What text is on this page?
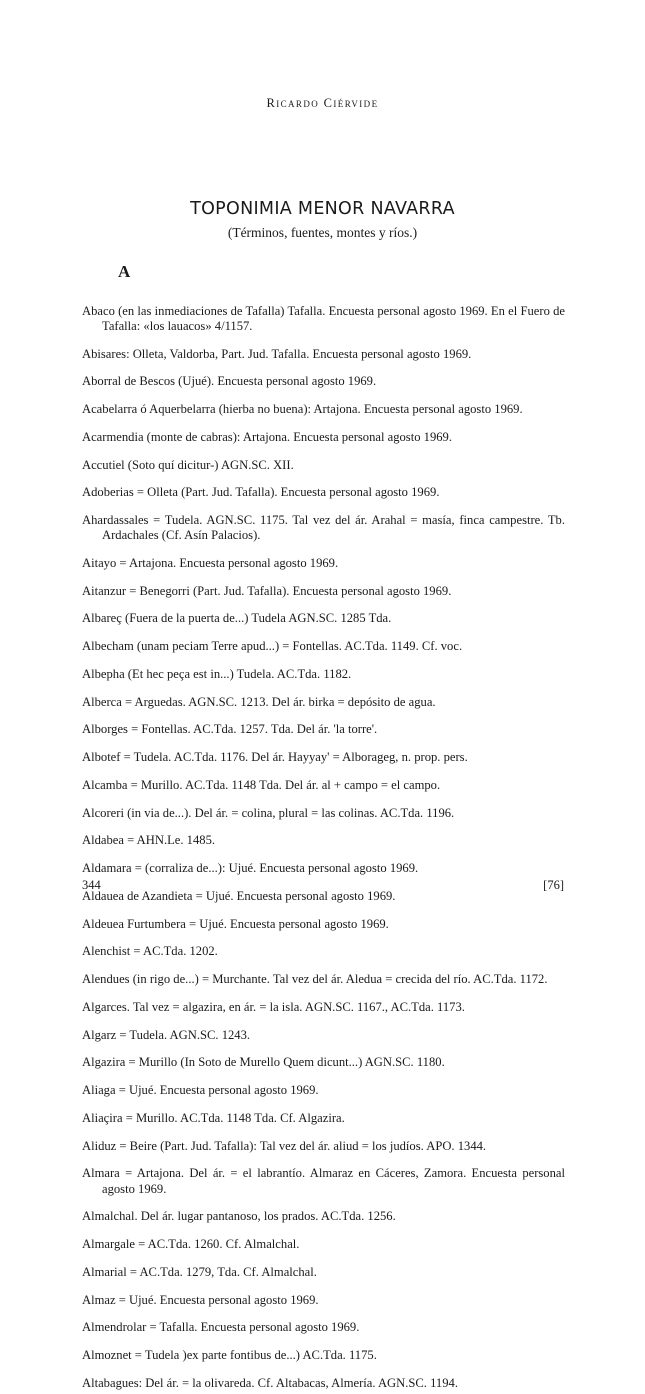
Ricardo Ciérvide
TOPONIMIA MENOR NAVARRA
(Términos, fuentes, montes y ríos.)
A

Abaco (en las inmediaciones de Tafalla) Tafalla. Encuesta personal agosto 1969. En el Fuero de Tafalla: «los lauacos» 4/1157.

Abisares: Olleta, Valdorba, Part. Jud. Tafalla. Encuesta personal agosto 1969.

Aborral de Bescos (Ujué). Encuesta personal agosto 1969.

Acabelarra ó Aquerbelarra (hierba no buena): Artajona. Encuesta personal agosto 1969.

Acarmendia (monte de cabras): Artajona. Encuesta personal agosto 1969.

Accutiel (Soto quí dicitur-) AGN.SC. XII.

Adoberias = Olleta (Part. Jud. Tafalla). Encuesta personal agosto 1969.

Ahardassales = Tudela. AGN.SC. 1175. Tal vez del ár. Arahal = masía, finca campestre. Tb. Ardachales (Cf. Asín Palacios).

Aitayo = Artajona. Encuesta personal agosto 1969.

Aitanzur = Benegorri (Part. Jud. Tafalla). Encuesta personal agosto 1969.

Albareç (Fuera de la puerta de...) Tudela AGN.SC. 1285 Tda.

Albecham (unam peciam Terre apud...) = Fontellas. AC.Tda. 1149. Cf. voc.

Albepha (Et hec peça est in...) Tudela. AC.Tda. 1182.

Alberca = Arguedas. AGN.SC. 1213. Del ár. birka = depósito de agua.

Alborges = Fontellas. AC.Tda. 1257. Tda. Del ár. 'la torre'.

Albotef = Tudela. AC.Tda. 1176. Del ár. Hayyay' = Alborageg, n. prop. pers.

Alcamba = Murillo. AC.Tda. 1148 Tda. Del ár. al + campo = el campo.

Alcoreri (in via de...). Del ár. = colina, plural = las colinas. AC.Tda. 1196.

Aldabea = AHN.Le. 1485.

Aldamara = (corraliza de...): Ujué. Encuesta personal agosto 1969.

Aldauea de Azandieta = Ujué. Encuesta personal agosto 1969.

Aldeuea Furtumbera = Ujué. Encuesta personal agosto 1969.

Alenchist = AC.Tda. 1202.

Alendues (in rigo de...) = Murchante. Tal vez del ár. Aledua = crecida del río. AC.Tda. 1172.

Algarces. Tal vez = algazira, en ár. = la isla. AGN.SC. 1167., AC.Tda. 1173.

Algarz = Tudela. AGN.SC. 1243.

Algazira = Murillo (In Soto de Murello Quem dicunt...) AGN.SC. 1180.

Aliaga = Ujué. Encuesta personal agosto 1969.

Aliaçira = Murillo. AC.Tda. 1148 Tda. Cf. Algazira.

Aliduz = Beire (Part. Jud. Tafalla): Tal vez del ár. aliud = los judíos. APO. 1344.

Almara = Artajona. Del ár. = el labrantío. Almaraz en Cáceres, Zamora. Encuesta personal agosto 1969.

Almalchal. Del ár. lugar pantanoso, los prados. AC.Tda. 1256.

Almargale = AC.Tda. 1260. Cf. Almalchal.

Almarial = AC.Tda. 1279, Tda. Cf. Almalchal.

Almaz = Ujué. Encuesta personal agosto 1969.

Almendrolar = Tafalla. Encuesta personal agosto 1969.

Almoznet = Tudela )ex parte fontibus de...) AC.Tda. 1175.

Altabagues: Del ár. = la olivareda. Cf. Altabacas, Almería. AGN.SC. 1194.

344	[76]
